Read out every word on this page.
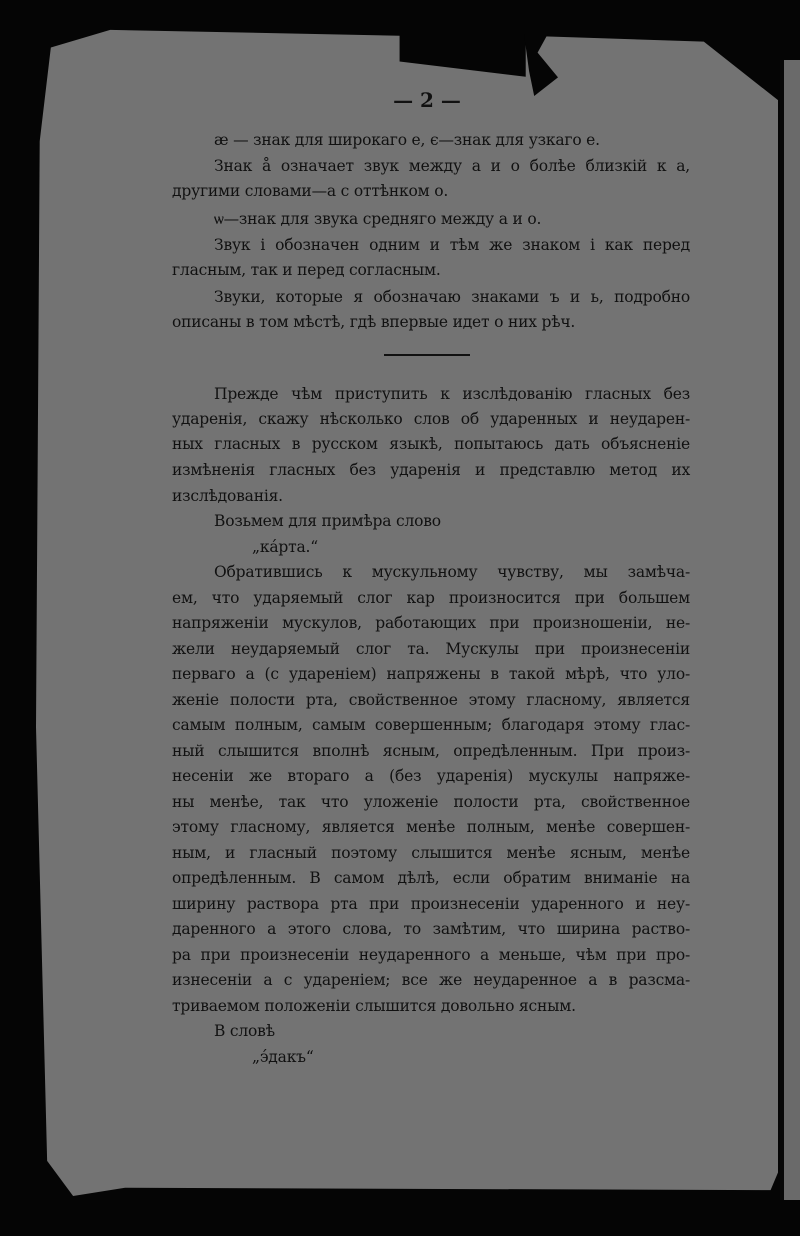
— 2 —
æ — знак для широкаго е, є—знак для узкаго е.
Знак å означает звук между а и о болѣе близкій к а,
другими словами—а с оттѣнком о.
ѡ—знак для звука средняго между а и о.
Звук і обозначен одним и тѣм же знаком і как перед
гласным, так и перед согласным.
Звуки, которые я обозначаю знаками ъ и ь, подробно
описаны в том мѣстѣ, гдѣ впервые идет о них рѣч.
Прежде чѣм приступить к изслѣдованію гласных без
ударенія, скажу нѣсколько слов об ударенных и неударен-
ных гласных в русском языкѣ, попытаюсь дать объясненіе
измѣненія гласных без ударенія и представлю метод их
изслѣдованія.
Возьмем для примѣра слово
„ка́рта.“
Обратившись к мускульному чувству, мы замѣча-
ем, что ударяемый слог кар произносится при большем
напряженіи мускулов, работающих при произношеніи, не-
жели неударяемый слог та. Мускулы при произнесеніи
перваго а (с удареніем) напряжены в такой мѣрѣ, что уло-
женіе полости рта, свойственное этому гласному, является
самым полным, самым совершенным; благодаря этому глас-
ный слышится вполнѣ ясным, опредѣленным. При произ-
несеніи же втораго а (без ударенія) мускулы напряже-
ны менѣе, так что уложеніе полости рта, свойственное
этому гласному, является менѣе полным, менѣе совершен-
ным, и гласный поэтому слышится менѣе ясным, менѣе
опредѣленным. В самом дѣлѣ, если обратим вниманіе на
ширину раствора рта при произнесеніи ударенного и неу-
даренного а этого слова, то замѣтим, что ширина раство-
ра при произнесеніи неударенного а меньше, чѣм при про-
изнесеніи а с удареніем; все же неударенное а в разсма-
триваемом положеніи слышится довольно ясным.
В словѣ
„э́дакъ“
